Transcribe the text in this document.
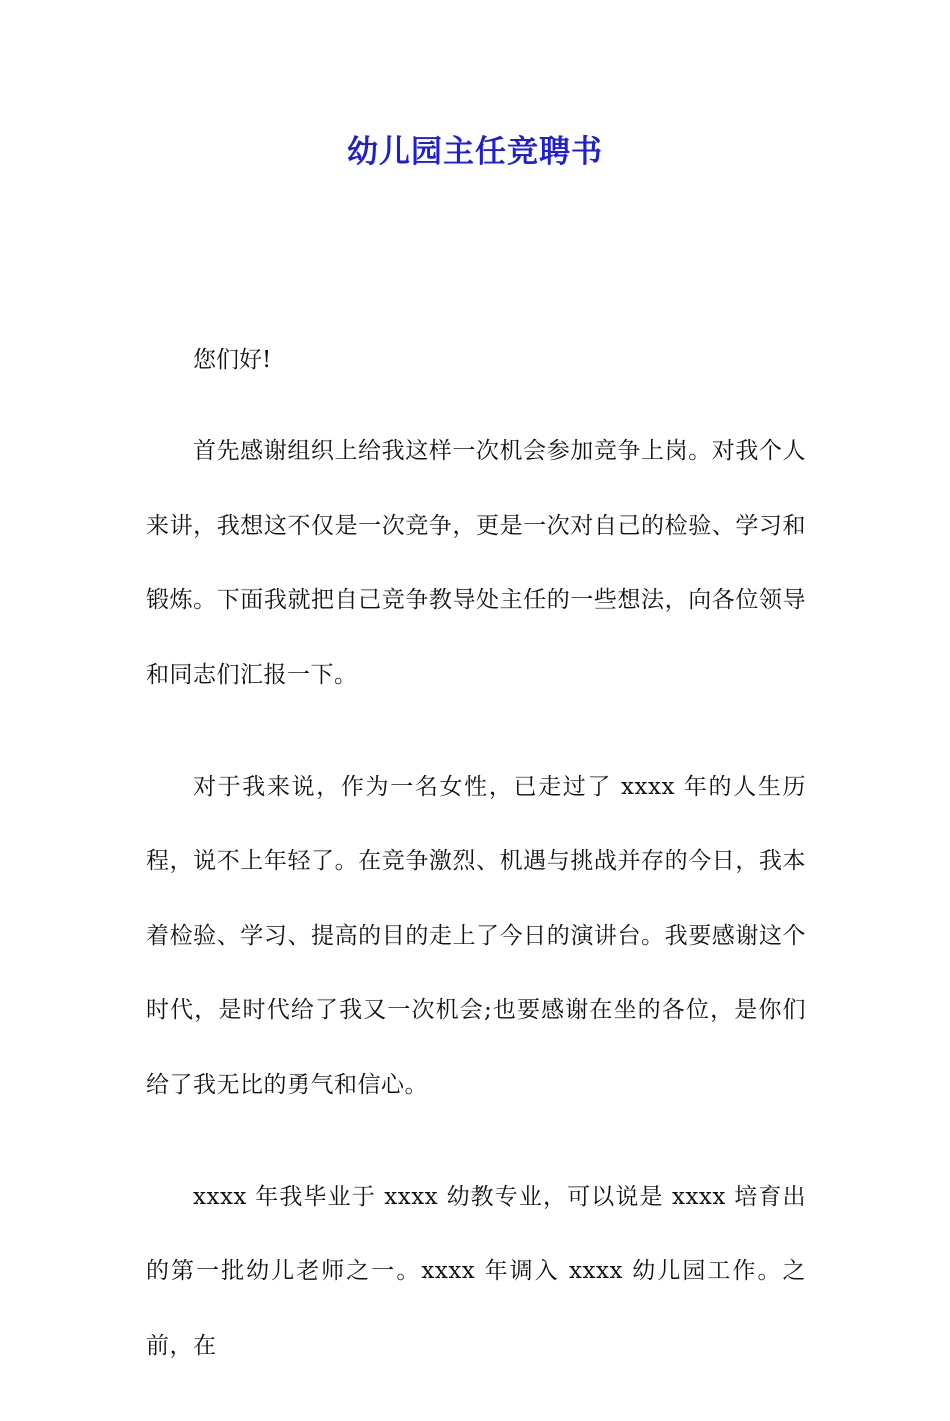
幼儿园主任竞聘书

您们好!

首先感谢组织上给我这样一次机会参加竞争上岗。对我个人来讲，我想这不仅是一次竞争，更是一次对自己的检验、学习和锻炼。下面我就把自己竞争教导处主任的一些想法，向各位领导和同志们汇报一下。

对于我来说，作为一名女性，已走过了 xxxx 年的人生历程，说不上年轻了。在竞争激烈、机遇与挑战并存的今日，我本着检验、学习、提高的目的走上了今日的演讲台。我要感谢这个时代，是时代给了我又一次机会;也要感谢在坐的各位，是你们给了我无比的勇气和信心。

xxxx 年我毕业于 xxxx 幼教专业，可以说是 xxxx 培育出的第一批幼儿老师之一。xxxx 年调入 xxxx 幼儿园工作。之前，在
